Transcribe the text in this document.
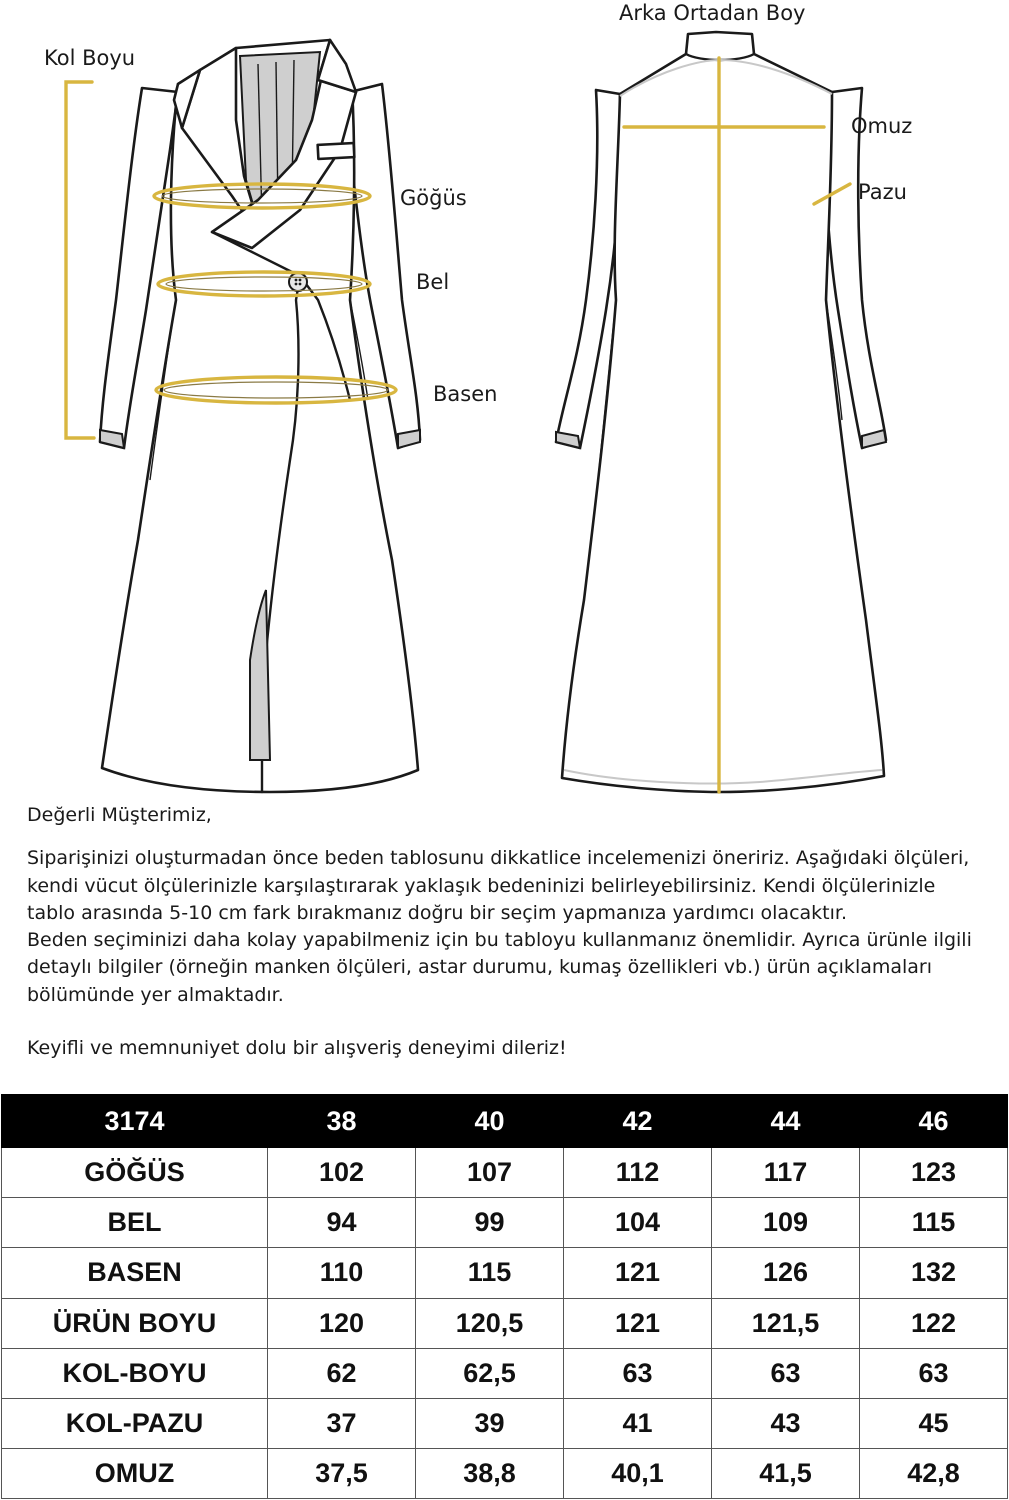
Kol Boyu
Göğüs
Bel
Basen
Arka Ortadan Boy
Omuz
Pazu

Değerli Müşterimiz,

Siparişinizi oluşturmadan önce beden tablosunu dikkatlice incelemenizi öneririz. Aşağıdaki ölçüleri, kendi vücut ölçülerinizle karşılaştırarak yaklaşık bedeninizi belirleyebilirsiniz. Kendi ölçülerinizle tablo arasında 5-10 cm fark bırakmanız doğru bir seçim yapmanıza yardımcı olacaktır.

Beden seçiminizi daha kolay yapabilmeniz için bu tabloyu kullanmanız önemlidir. Ayrıca ürünle ilgili detaylı bilgiler (örneğin manken ölçüleri, astar durumu, kumaş özellikleri vb.) ürün açıklamaları bölümünde yer almaktadır.

Keyifli ve memnuniyet dolu bir alışveriş deneyimi dileriz!

3174	38	40	42	44	46
GÖĞÜS	102	107	112	117	123
BEL	94	99	104	109	115
BASEN	110	115	121	126	132
ÜRÜN BOYU	120	120,5	121	121,5	122
KOL-BOYU	62	62,5	63	63	63
KOL-PAZU	37	39	41	43	45
OMUZ	37,5	38,8	40,1	41,5	42,8
